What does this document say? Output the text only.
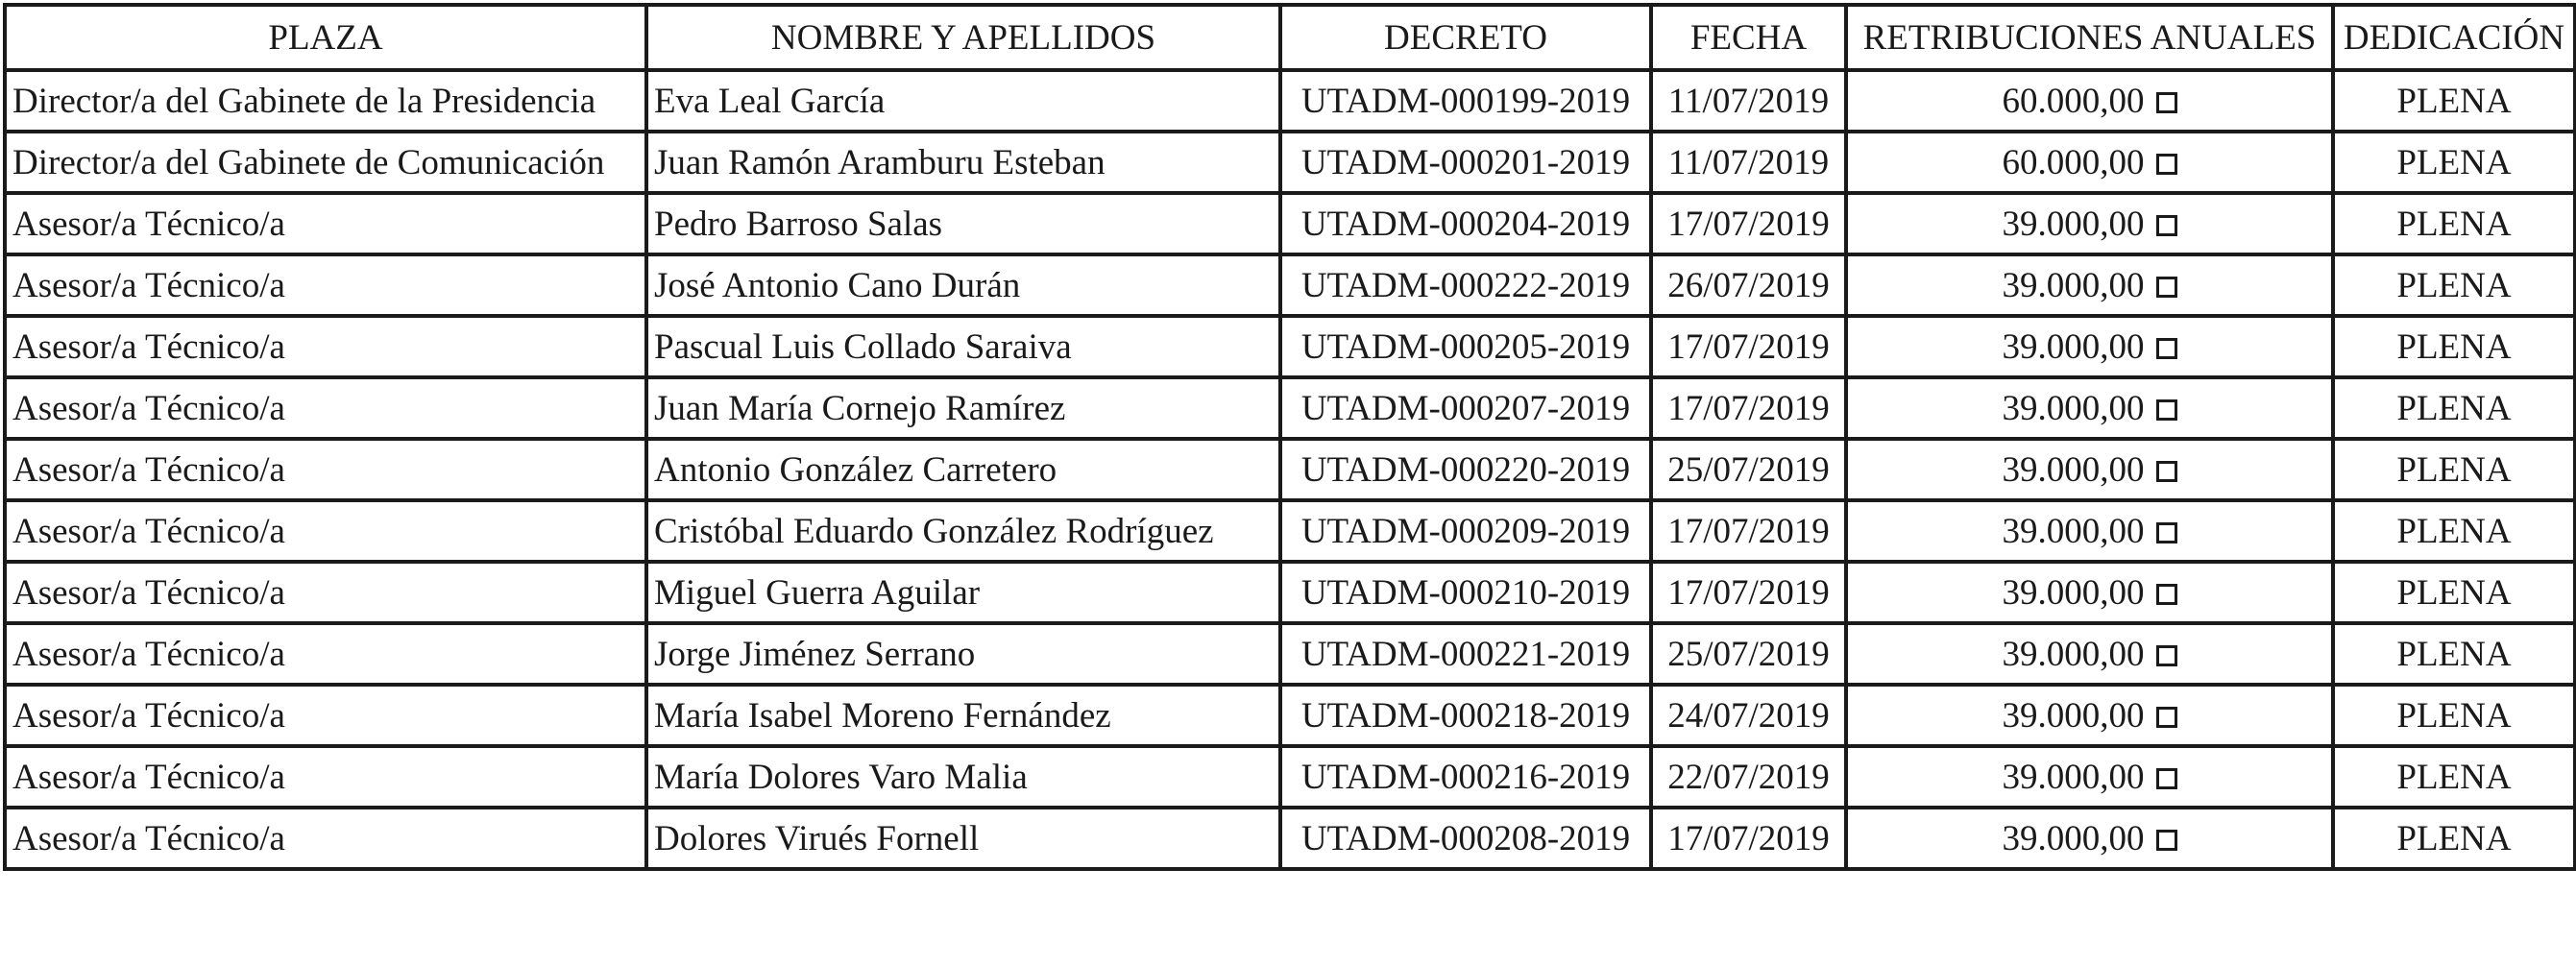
PLAZA	NOMBRE Y APELLIDOS	DECRETO	FECHA	RETRIBUCIONES ANUALES	DEDICACIÓN
Director/a del Gabinete de la Presidencia	Eva Leal García	UTADM-000199-2019	11/07/2019	60.000,00	PLENA
Director/a del Gabinete de Comunicación	Juan Ramón Aramburu Esteban	UTADM-000201-2019	11/07/2019	60.000,00	PLENA
Asesor/a Técnico/a	Pedro Barroso Salas	UTADM-000204-2019	17/07/2019	39.000,00	PLENA
Asesor/a Técnico/a	José Antonio Cano Durán	UTADM-000222-2019	26/07/2019	39.000,00	PLENA
Asesor/a Técnico/a	Pascual Luis Collado Saraiva	UTADM-000205-2019	17/07/2019	39.000,00	PLENA
Asesor/a Técnico/a	Juan María Cornejo Ramírez	UTADM-000207-2019	17/07/2019	39.000,00	PLENA
Asesor/a Técnico/a	Antonio González Carretero	UTADM-000220-2019	25/07/2019	39.000,00	PLENA
Asesor/a Técnico/a	Cristóbal Eduardo González Rodríguez	UTADM-000209-2019	17/07/2019	39.000,00	PLENA
Asesor/a Técnico/a	Miguel Guerra Aguilar	UTADM-000210-2019	17/07/2019	39.000,00	PLENA
Asesor/a Técnico/a	Jorge Jiménez Serrano	UTADM-000221-2019	25/07/2019	39.000,00	PLENA
Asesor/a Técnico/a	María Isabel Moreno Fernández	UTADM-000218-2019	24/07/2019	39.000,00	PLENA
Asesor/a Técnico/a	María Dolores Varo Malia	UTADM-000216-2019	22/07/2019	39.000,00	PLENA
Asesor/a Técnico/a	Dolores Virués Fornell	UTADM-000208-2019	17/07/2019	39.000,00	PLENA
